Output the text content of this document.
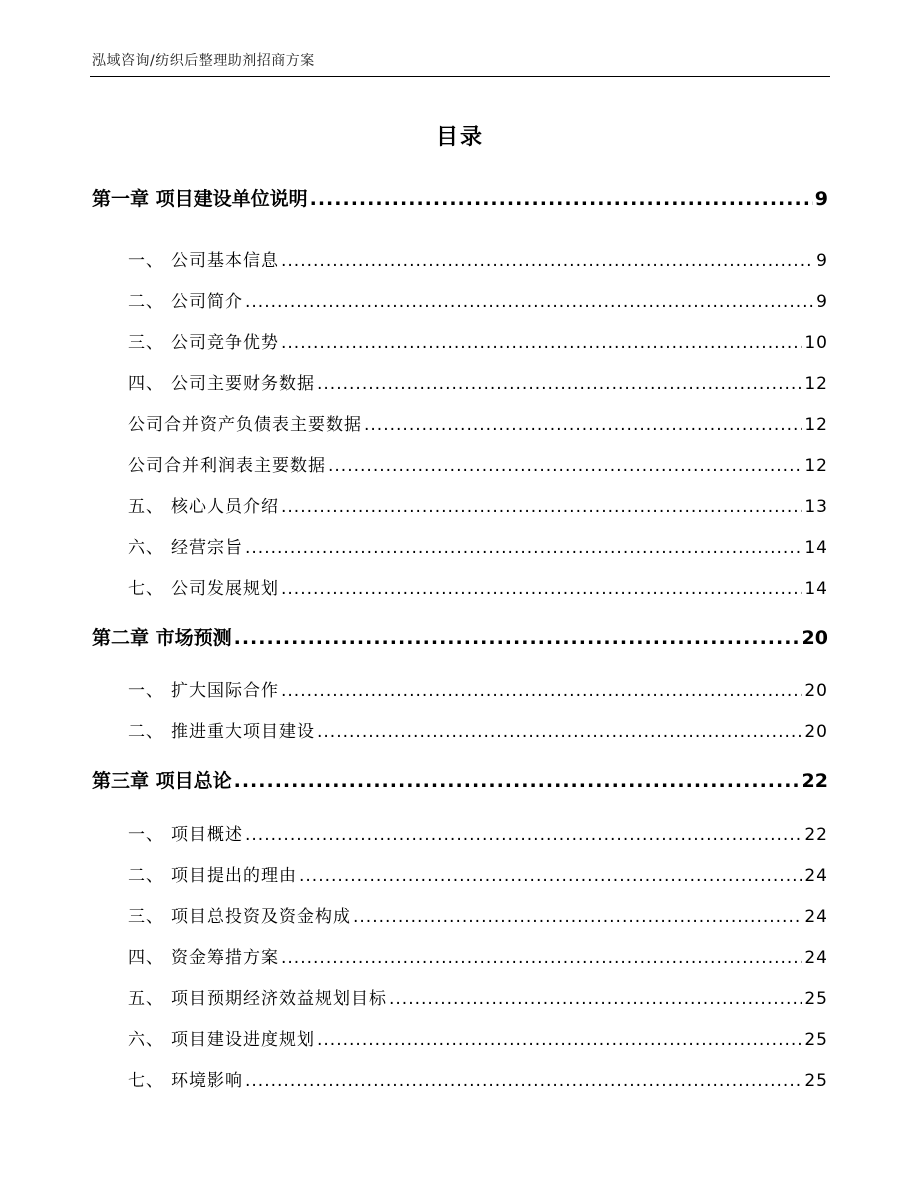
泓域咨询/纺织后整理助剂招商方案
目录
第一章 项目建设单位说明 .....	9
一、 公司基本信息 .....	9
二、 公司简介 .....	9
三、 公司竞争优势 .....	10
四、 公司主要财务数据 .....	12
公司合并资产负债表主要数据 .....	12
公司合并利润表主要数据 .....	12
五、 核心人员介绍 .....	13
六、 经营宗旨 .....	14
七、 公司发展规划 .....	14
第二章 市场预测 .....	20
一、 扩大国际合作 .....	20
二、 推进重大项目建设 .....	20
第三章 项目总论 .....	22
一、 项目概述 .....	22
二、 项目提出的理由 .....	24
三、 项目总投资及资金构成 .....	24
四、 资金筹措方案 .....	24
五、 项目预期经济效益规划目标 .....	25
六、 项目建设进度规划 .....	25
七、 环境影响 .....	25
